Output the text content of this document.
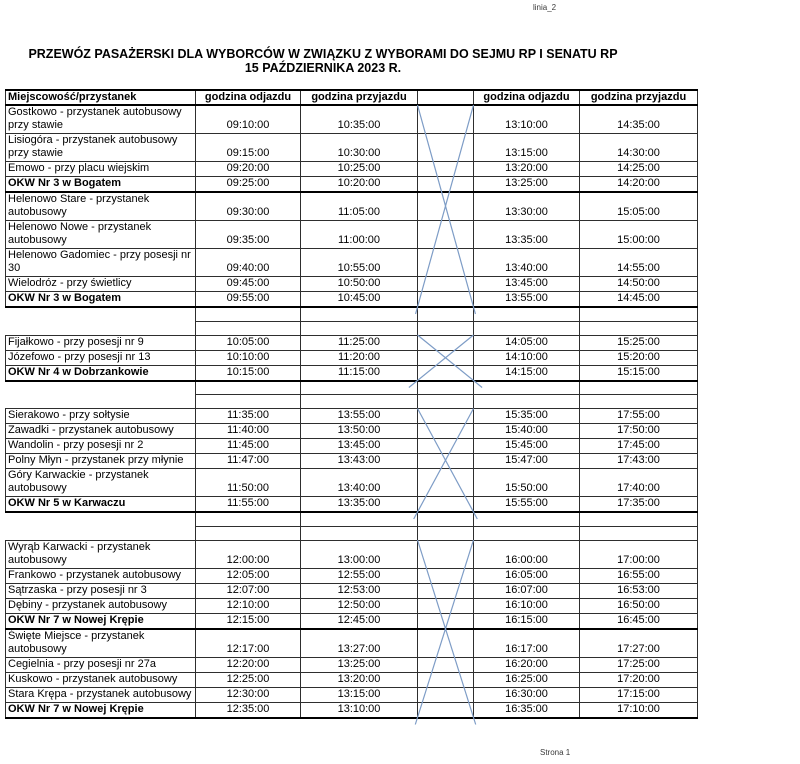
linia_2
PRZEWÓZ PASAŻERSKI DLA WYBORCÓW W ZWIĄZKU Z WYBORAMI DO SEJMU RP I SENATU RP
15 PAŹDZIERNIKA 2023 R.
Miejscowość/przystanek	godzina odjazdu	godzina przyjazdu		godzina odjazdu	godzina przyjazdu
Gostkowo - przystanek autobusowy przy stawie	09:10:00	10:35:00		13:10:00	14:35:00
Lisiogóra - przystanek autobusowy przy stawie	09:15:00	10:30:00		13:15:00	14:30:00
Emowo - przy placu wiejskim	09:20:00	10:25:00		13:20:00	14:25:00
OKW Nr 3 w Bogatem	09:25:00	10:20:00		13:25:00	14:20:00
Helenowo Stare - przystanek autobusowy	09:30:00	11:05:00		13:30:00	15:05:00
Helenowo Nowe - przystanek autobusowy	09:35:00	11:00:00		13:35:00	15:00:00
Helenowo Gadomiec - przy posesji nr 30	09:40:00	10:55:00		13:40:00	14:55:00
Wielodróz - przy świetlicy	09:45:00	10:50:00		13:45:00	14:50:00
OKW Nr 3 w Bogatem	09:55:00	10:45:00		13:55:00	14:45:00

Fijałkowo - przy posesji nr 9	10:05:00	11:25:00		14:05:00	15:25:00
Józefowo - przy posesji nr 13	10:10:00	11:20:00		14:10:00	15:20:00
OKW Nr 4 w Dobrzankowie	10:15:00	11:15:00		14:15:00	15:15:00

Sierakowo - przy sołtysie	11:35:00	13:55:00		15:35:00	17:55:00
Zawadki - przystanek autobusowy	11:40:00	13:50:00		15:40:00	17:50:00
Wandolin - przy posesji nr 2	11:45:00	13:45:00		15:45:00	17:45:00
Polny Młyn - przystanek przy młynie	11:47:00	13:43:00		15:47:00	17:43:00
Góry Karwackie - przystanek autobusowy	11:50:00	13:40:00		15:50:00	17:40:00
OKW Nr 5 w Karwaczu	11:55:00	13:35:00		15:55:00	17:35:00

Wyrąb Karwacki - przystanek autobusowy	12:00:00	13:00:00		16:00:00	17:00:00
Frankowo - przystanek autobusowy	12:05:00	12:55:00		16:05:00	16:55:00
Sątrzaska - przy posesji nr 3	12:07:00	12:53:00		16:07:00	16:53:00
Dębiny - przystanek autobusowy	12:10:00	12:50:00		16:10:00	16:50:00
OKW Nr 7 w Nowej Krępie	12:15:00	12:45:00		16:15:00	16:45:00
Święte Miejsce - przystanek autobusowy	12:17:00	13:27:00		16:17:00	17:27:00
Cegielnia - przy posesji nr 27a	12:20:00	13:25:00		16:20:00	17:25:00
Kuskowo - przystanek autobusowy	12:25:00	13:20:00		16:25:00	17:20:00
Stara Krępa - przystanek autobusowy	12:30:00	13:15:00		16:30:00	17:15:00
OKW Nr 7 w Nowej Krępie	12:35:00	13:10:00		16:35:00	17:10:00
Strona 1
